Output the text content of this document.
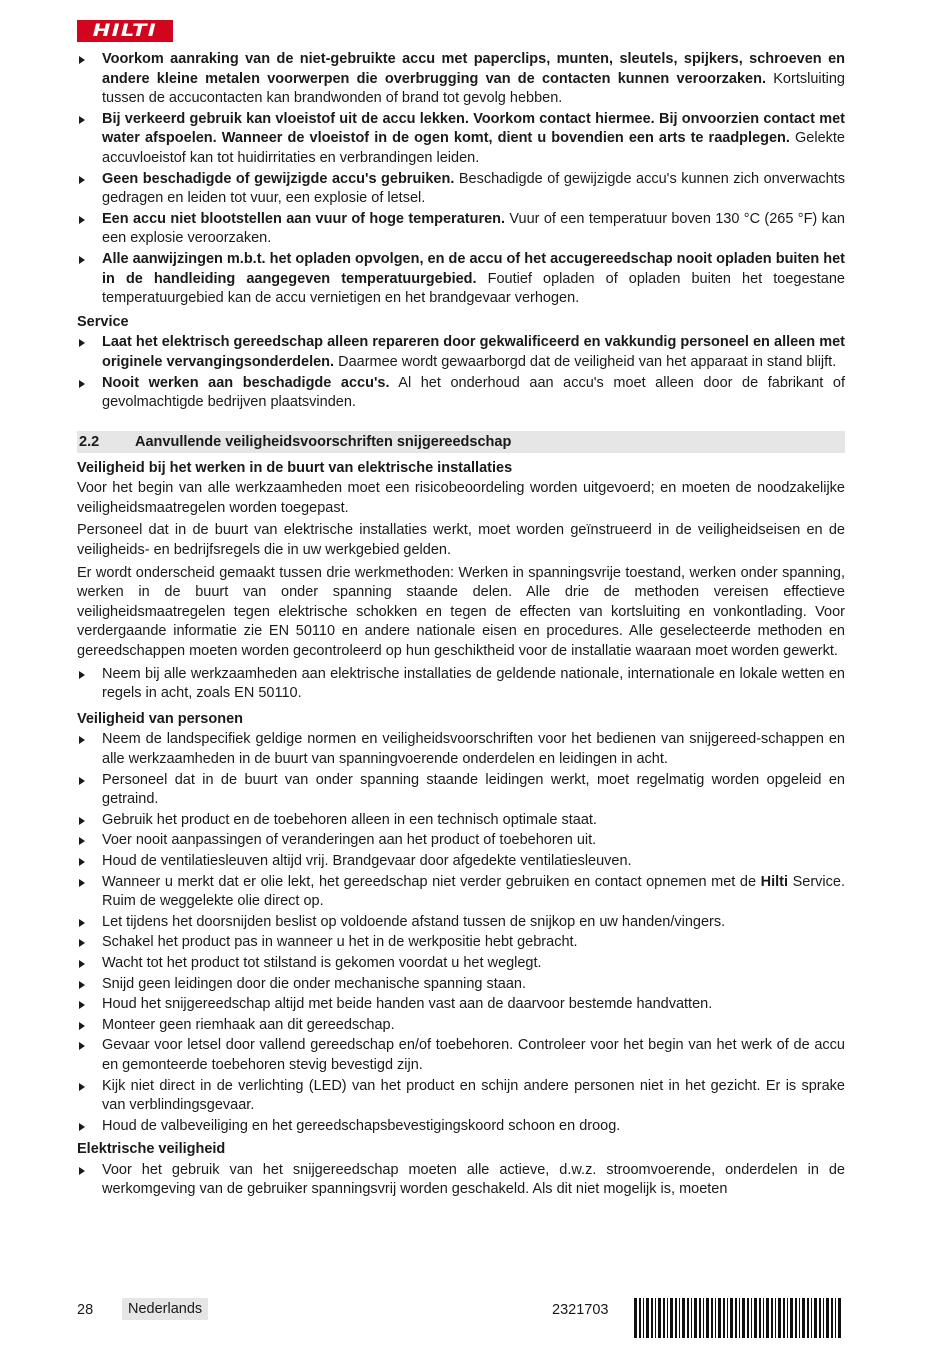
HILTI
Voorkom aanraking van de niet-gebruikte accu met paperclips, munten, sleutels, spijkers, schroeven en andere kleine metalen voorwerpen die overbrugging van de contacten kunnen veroorzaken. Kortsluiting tussen de accucontacten kan brandwonden of brand tot gevolg hebben.
Bij verkeerd gebruik kan vloeistof uit de accu lekken. Voorkom contact hiermee. Bij onvoorzien contact met water afspoelen. Wanneer de vloeistof in de ogen komt, dient u bovendien een arts te raadplegen. Gelekte accuvloeistof kan tot huidirritaties en verbrandingen leiden.
Geen beschadigde of gewijzigde accu's gebruiken. Beschadigde of gewijzigde accu's kunnen zich onverwachts gedragen en leiden tot vuur, een explosie of letsel.
Een accu niet blootstellen aan vuur of hoge temperaturen. Vuur of een temperatuur boven 130 °C (265 °F) kan een explosie veroorzaken.
Alle aanwijzingen m.b.t. het opladen opvolgen, en de accu of het accugereedschap nooit opladen buiten het in de handleiding aangegeven temperatuurgebied. Foutief opladen of opladen buiten het toegestane temperatuurgebied kan de accu vernietigen en het brandgevaar verhogen.
Service
Laat het elektrisch gereedschap alleen repareren door gekwalificeerd en vakkundig personeel en alleen met originele vervangingsonderdelen. Daarmee wordt gewaarborgd dat de veiligheid van het apparaat in stand blijft.
Nooit werken aan beschadigde accu's. Al het onderhoud aan accu's moet alleen door de fabrikant of gevolmachtigde bedrijven plaatsvinden.
2.2	Aanvullende veiligheidsvoorschriften snijgereedschap
Veiligheid bij het werken in de buurt van elektrische installaties
Voor het begin van alle werkzaamheden moet een risicobeoordeling worden uitgevoerd; en moeten de noodzakelijke veiligheidsmaatregelen worden toegepast.
Personeel dat in de buurt van elektrische installaties werkt, moet worden geïnstrueerd in de veiligheidseisen en de veiligheids- en bedrijfsregels die in uw werkgebied gelden.
Er wordt onderscheid gemaakt tussen drie werkmethoden: Werken in spanningsvrije toestand, werken onder spanning, werken in de buurt van onder spanning staande delen. Alle drie de methoden vereisen effectieve veiligheidsmaatregelen tegen elektrische schokken en tegen de effecten van kortsluiting en vonkontlading. Voor verdergaande informatie zie EN 50110 en andere nationale eisen en procedures. Alle geselecteerde methoden en gereedschappen moeten worden gecontroleerd op hun geschiktheid voor de installatie waaraan moet worden gewerkt.
Neem bij alle werkzaamheden aan elektrische installaties de geldende nationale, internationale en lokale wetten en regels in acht, zoals EN 50110.
Veiligheid van personen
Neem de landspecifiek geldige normen en veiligheidsvoorschriften voor het bedienen van snijgereed-schappen en alle werkzaamheden in de buurt van spanningvoerende onderdelen en leidingen in acht.
Personeel dat in de buurt van onder spanning staande leidingen werkt, moet regelmatig worden opgeleid en getraind.
Gebruik het product en de toebehoren alleen in een technisch optimale staat.
Voer nooit aanpassingen of veranderingen aan het product of toebehoren uit.
Houd de ventilatiesleuven altijd vrij. Brandgevaar door afgedekte ventilatiesleuven.
Wanneer u merkt dat er olie lekt, het gereedschap niet verder gebruiken en contact opnemen met de Hilti Service. Ruim de weggelekte olie direct op.
Let tijdens het doorsnijden beslist op voldoende afstand tussen de snijkop en uw handen/vingers.
Schakel het product pas in wanneer u het in de werkpositie hebt gebracht.
Wacht tot het product tot stilstand is gekomen voordat u het weglegt.
Snijd geen leidingen door die onder mechanische spanning staan.
Houd het snijgereedschap altijd met beide handen vast aan de daarvoor bestemde handvatten.
Monteer geen riemhaak aan dit gereedschap.
Gevaar voor letsel door vallend gereedschap en/of toebehoren. Controleer voor het begin van het werk of de accu en gemonteerde toebehoren stevig bevestigd zijn.
Kijk niet direct in de verlichting (LED) van het product en schijn andere personen niet in het gezicht. Er is sprake van verblindingsgevaar.
Houd de valbeveiliging en het gereedschapsbevestigingskoord schoon en droog.
Elektrische veiligheid
Voor het gebruik van het snijgereedschap moeten alle actieve, d.w.z. stroomvoerende, onderdelen in de werkomgeving van de gebruiker spanningsvrij worden geschakeld. Als dit niet mogelijk is, moeten
28	Nederlands	2321703
